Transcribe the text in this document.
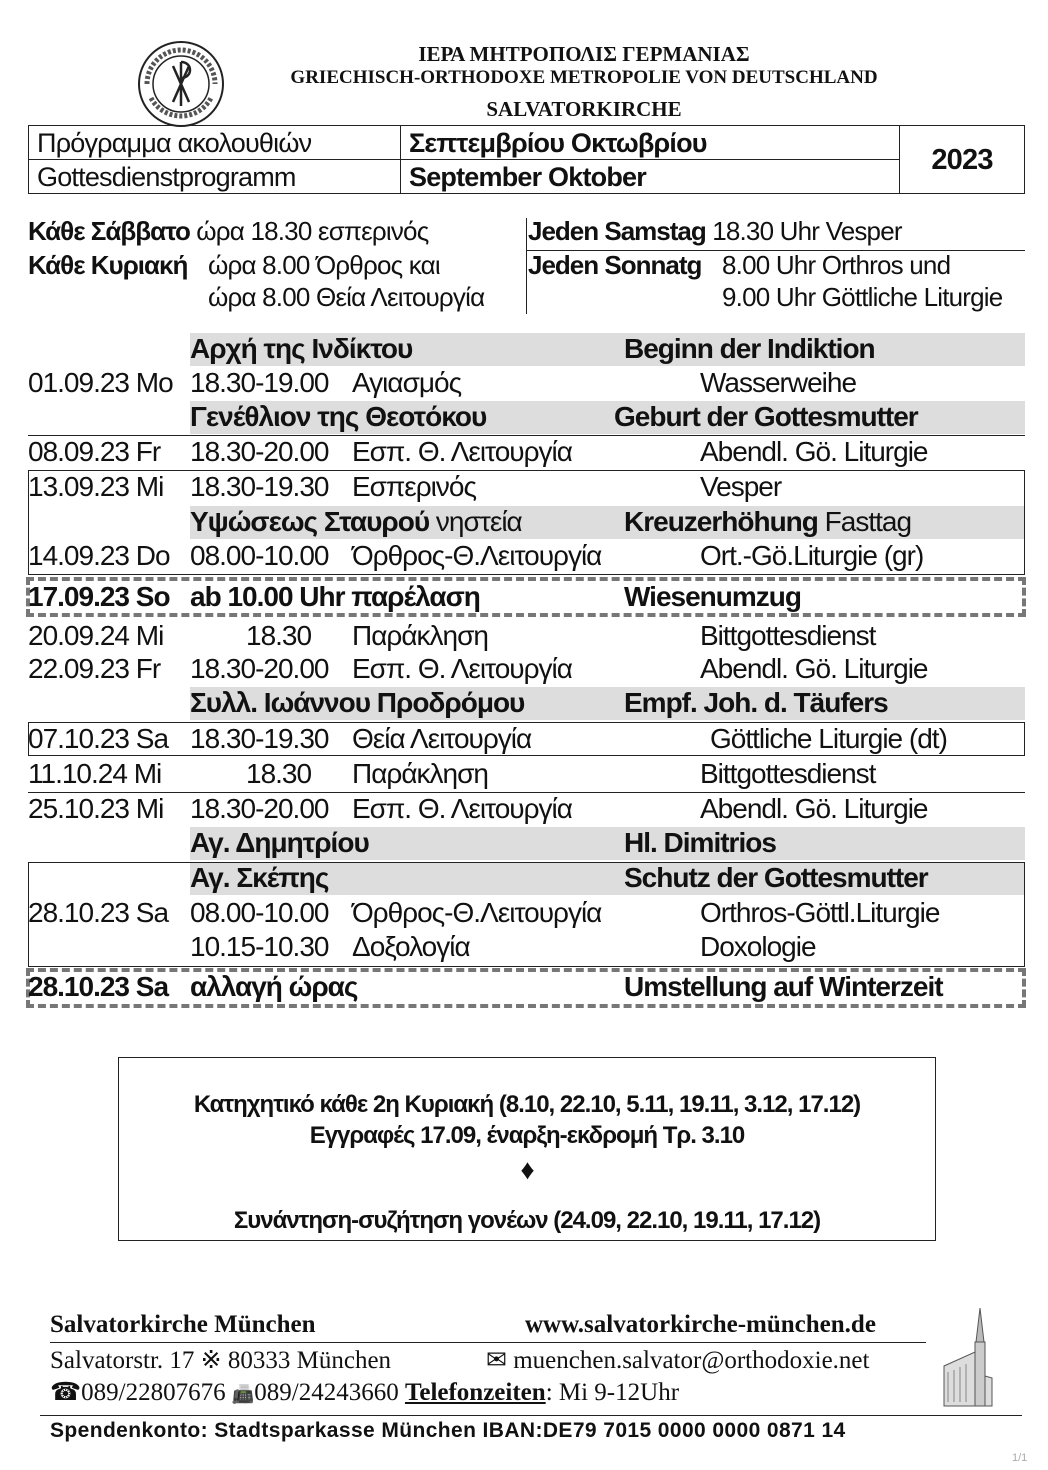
ΙΕΡΑ ΜΗΤΡΟΠΟΛΙΣ ΓΕΡΜΑΝΙΑΣ
GRIECHISCH-ORTHODOXE METROPOLIE VON DEUTSCHLAND
SALVATORKIRCHE
Πρόγραμμα ακολουθιών	Σεπτεμβρίου Οκτωβρίου	2023
Gottesdienstprogramm	September Oktober	
Κάθε Σάββατο ώρα 18.30 εσπερινός
Κάθε Κυριακή ώρα 8.00 Όρθρος και
ώρα 8.00 Θεία Λειτουργία
Jeden Samstag 18.30 Uhr Vesper
Jeden Sonnatg 8.00 Uhr Orthros und
9.00 Uhr Göttliche Liturgie
Αρχή της Ινδίκτου	Beginn der Indiktion
01.09.23 Mo 18.30-19.00 Αγιασμός	Wasserweihe
Γενέθλιον της Θεοτόκου	Geburt der Gottesmutter
08.09.23 Fr 18.30-20.00 Εσπ. Θ. Λειτουργία	Abendl. Gö. Liturgie
13.09.23 Mi 18.30-19.30 Εσπερινός	Vesper
Υψώσεως Σταυρού νηστεία	Kreuzerhöhung Fasttag
14.09.23 Do 08.00-10.00 Όρθρος-Θ.Λειτουργία	Ort.-Gö.Liturgie (gr)
17.09.23 So ab 10.00 Uhr παρέλαση	Wiesenumzug
20.09.24 Mi	18.30 Παράκληση	Bittgottesdienst
22.09.23 Fr 18.30-20.00 Εσπ. Θ. Λειτουργία	Abendl. Gö. Liturgie
Συλλ. Ιωάννου Προδρόμου	Empf. Joh. d. Täufers
07.10.23 Sa 18.30-19.30 Θεία Λειτουργία	Göttliche Liturgie (dt)
11.10.24 Mi	18.30 Παράκληση	Bittgottesdienst
25.10.23 Mi 18.30-20.00 Εσπ. Θ. Λειτουργία	Abendl. Gö. Liturgie
Αγ. Δημητρίου	Hl. Dimitrios
Αγ. Σκέπης	Schutz der Gottesmutter
28.10.23 Sa 08.00-10.00 Όρθρος-Θ.Λειτουργία	Orthros-Göttl.Liturgie
10.15-10.30 Δοξολογία	Doxologie
28.10.23 Sa αλλαγή ώρας	Umstellung auf Winterzeit
Κατηχητικό κάθε 2η Κυριακή (8.10, 22.10, 5.11, 19.11, 3.12, 17.12)
Εγγραφές 17.09, έναρξη-εκδρομή Τρ. 3.10
♦
Συνάντηση-συζήτηση γονέων (24.09, 22.10, 19.11, 17.12)
Salvatorkirche München	www.salvatorkirche-münchen.de
Salvatorstr. 17 ※ 80333 München	✉ muenchen.salvator@orthodoxie.net
☎089/22807676 📠089/24243660 Telefonzeiten: Mi 9-12Uhr
Spendenkonto: Stadtsparkasse München IBAN:DE79 7015 0000 0000 0871 14
1/1
